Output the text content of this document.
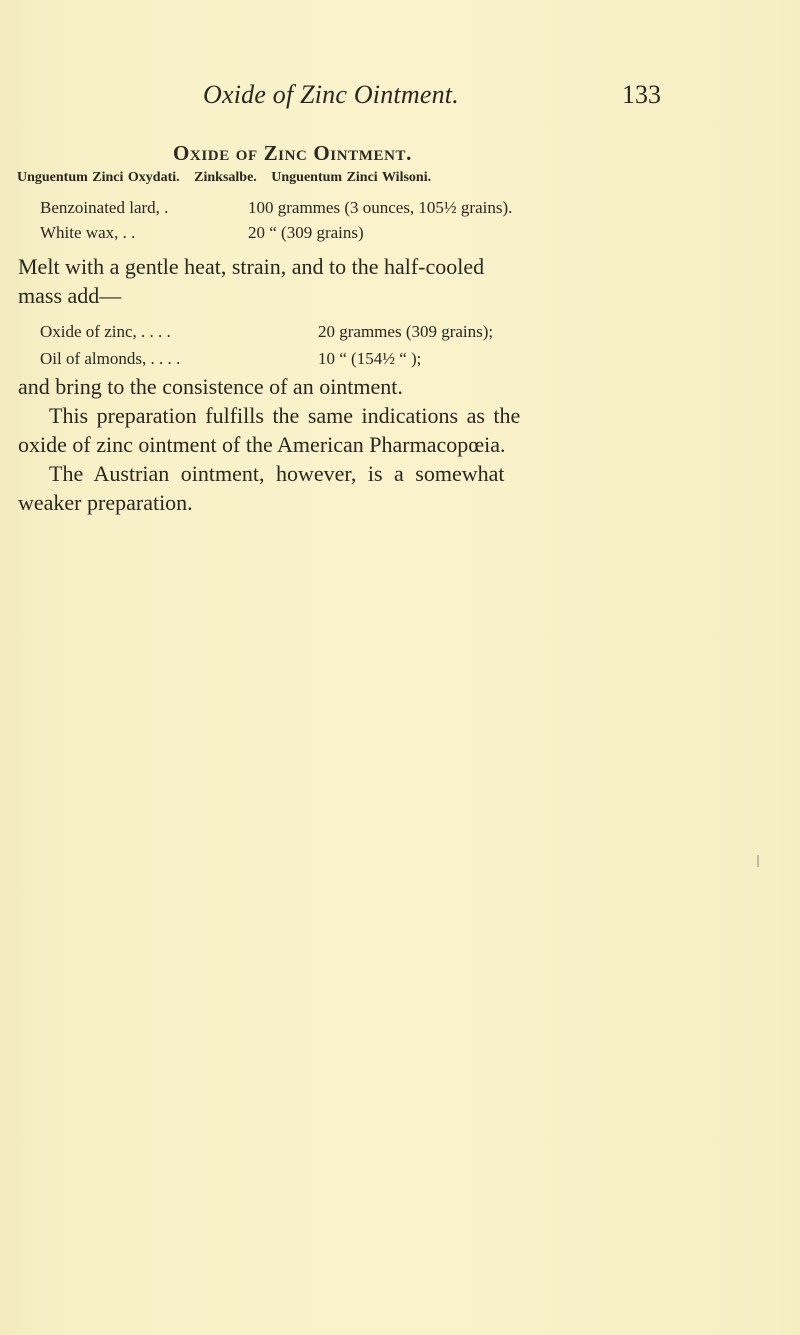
Oxide of Zinc Ointment.	133
Oxide of Zinc Ointment.
Unguentum Zinci Oxydati. Zinksalbe. Unguentum Zinci Wilsoni.
Benzoinated lard, .	100 grammes (3 ounces, 105½ grains).
White wax, . .	20 “ (309 grains)
Melt with a gentle heat, strain, and to the half-cooled
mass add—
Oxide of zinc, . . . .	20 grammes (309 grains);
Oil of almonds, . . . .	10 “ (154½ “ );
and bring to the consistence of an ointment.
This preparation fulfills the same indications as the
oxide of zinc ointment of the American Pharmacopœia.
The Austrian ointment, however, is a somewhat
weaker preparation.
